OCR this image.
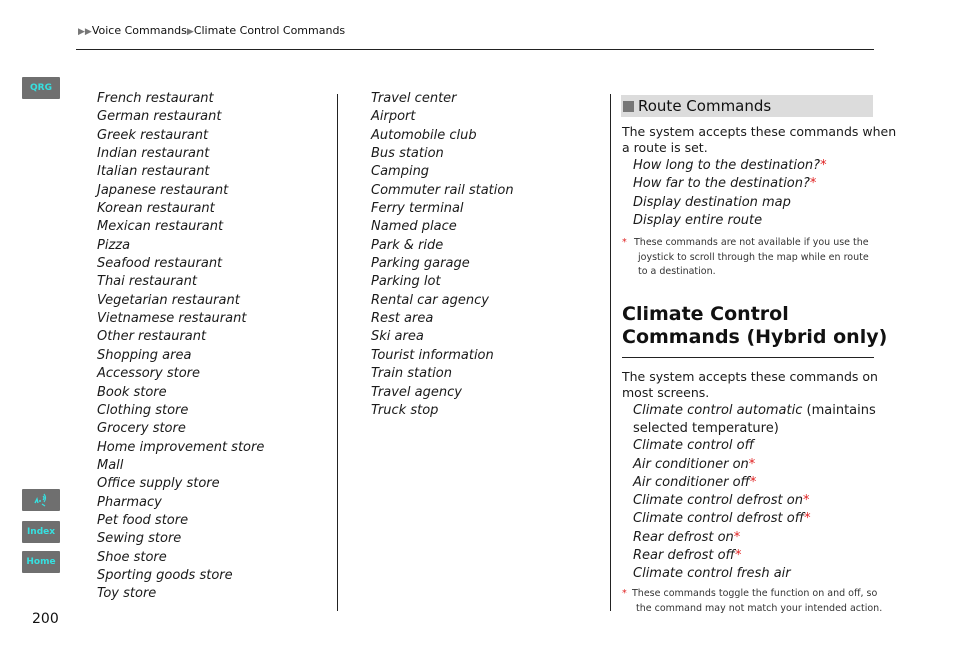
▶▶Voice Commands▶Climate Control Commands
QRG
Index
Home
200
French restaurant
German restaurant
Greek restaurant
Indian restaurant
Italian restaurant
Japanese restaurant
Korean restaurant
Mexican restaurant
Pizza
Seafood restaurant
Thai restaurant
Vegetarian restaurant
Vietnamese restaurant
Other restaurant
Shopping area
Accessory store
Book store
Clothing store
Grocery store
Home improvement store
Mall
Office supply store
Pharmacy
Pet food store
Sewing store
Shoe store
Sporting goods store
Toy store
Travel center
Airport
Automobile club
Bus station
Camping
Commuter rail station
Ferry terminal
Named place
Park & ride
Parking garage
Parking lot
Rental car agency
Rest area
Ski area
Tourist information
Train station
Travel agency
Truck stop
Route Commands
The system accepts these commands when
a route is set.
How long to the destination?*
How far to the destination?*
Display destination map
Display entire route
* These commands are not available if you use the
joystick to scroll through the map while en route
to a destination.
Climate Control
Commands (Hybrid only)
The system accepts these commands on
most screens.
Climate control automatic (maintains
selected temperature)
Climate control off
Air conditioner on*
Air conditioner off*
Climate control defrost on*
Climate control defrost off*
Rear defrost on*
Rear defrost off*
Climate control fresh air
* These commands toggle the function on and off, so
the command may not match your intended action.
